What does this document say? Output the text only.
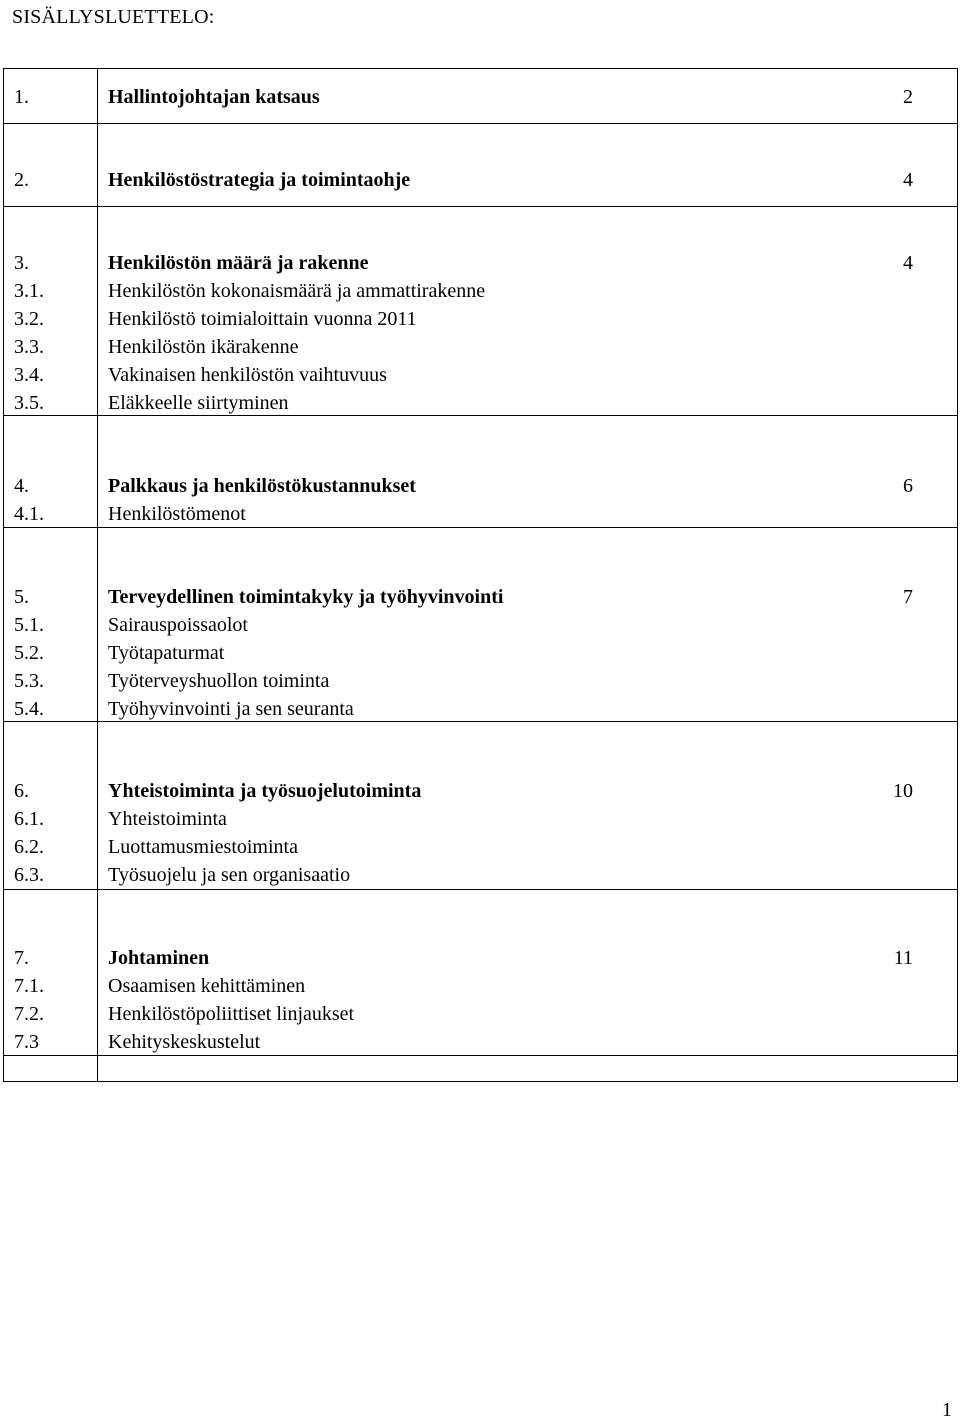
SISÄLLYSLUETTELO:
1.	Hallintojohtajan katsaus	2
2.	Henkilöstöstrategia ja toimintaohje	4
3.	Henkilöstön määrä ja rakenne	4
3.1.	Henkilöstön kokonaismäärä ja ammattirakenne
3.2.	Henkilöstö toimialoittain vuonna 2011
3.3.	Henkilöstön ikärakenne
3.4.	Vakinaisen henkilöstön vaihtuvuus
3.5.	Eläkkeelle siirtyminen
4.	Palkkaus ja henkilöstökustannukset	6
4.1.	Henkilöstömenot
5.	Terveydellinen toimintakyky ja työhyvinvointi	7
5.1.	Sairauspoissaolot
5.2.	Työtapaturmat
5.3.	Työterveyshuollon toiminta
5.4.	Työhyvinvointi ja sen seuranta
6.	Yhteistoiminta ja työsuojelutoiminta	10
6.1.	Yhteistoiminta
6.2.	Luottamusmiestoiminta
6.3.	Työsuojelu ja sen organisaatio
7.	Johtaminen	11
7.1.	Osaamisen kehittäminen
7.2.	Henkilöstöpoliittiset linjaukset
7.3	Kehityskeskustelut
1
